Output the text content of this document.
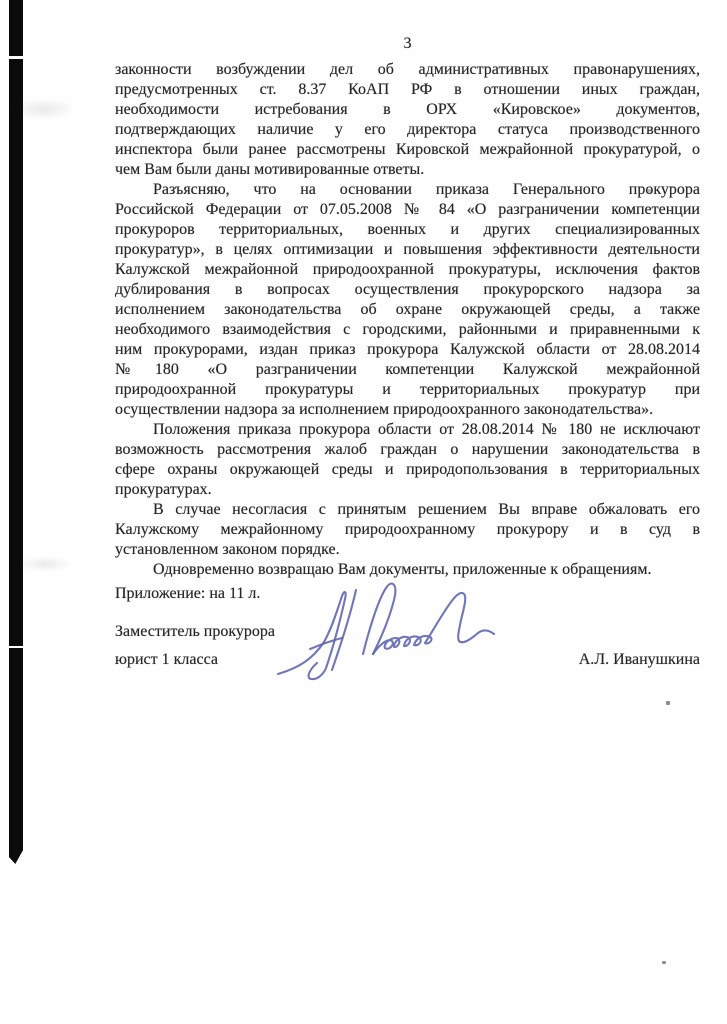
3
законности возбуждении дел об административных правонарушениях,
предусмотренных ст. 8.37 КоАП РФ в отношении иных граждан,
необходимости истребования в ОРХ «Кировское» документов,
подтверждающих наличие у его директора статуса производственного
инспектора были ранее рассмотрены Кировской межрайонной прокуратурой, о
чем Вам были даны мотивированные ответы.
Разъясняю, что на основании приказа Генерального прокурора
Российской Федерации от 07.05.2008 № 84 «О разграничении компетенции
прокуроров территориальных, военных и других специализированных
прокуратур», в целях оптимизации и повышения эффективности деятельности
Калужской межрайонной природоохранной прокуратуры, исключения фактов
дублирования в вопросах осуществления прокурорского надзора за
исполнением законодательства об охране окружающей среды, а также
необходимого взаимодействия с городскими, районными и приравненными к
ним прокурорами, издан приказ прокурора Калужской области от 28.08.2014
№180 «О разграничении компетенции Калужской межрайонной
природоохранной прокуратуры и территориальных прокуратур при
осуществлении надзора за исполнением природоохранного законодательства».
Положения приказа прокурора области от 28.08.2014 № 180 не исключают
возможность рассмотрения жалоб граждан о нарушении законодательства в
сфере охраны окружающей среды и природопользования в территориальных
прокуратурах.
В случае несогласия с принятым решением Вы вправе обжаловать его
Калужскому межрайонному природоохранному прокурору и в суд в
установленном законом порядке.
Одновременно возвращаю Вам документы, приложенные к обращениям.
Приложение: на 11 л.
Заместитель прокурора
юрист 1 класса	А.Л. Иванушкина
